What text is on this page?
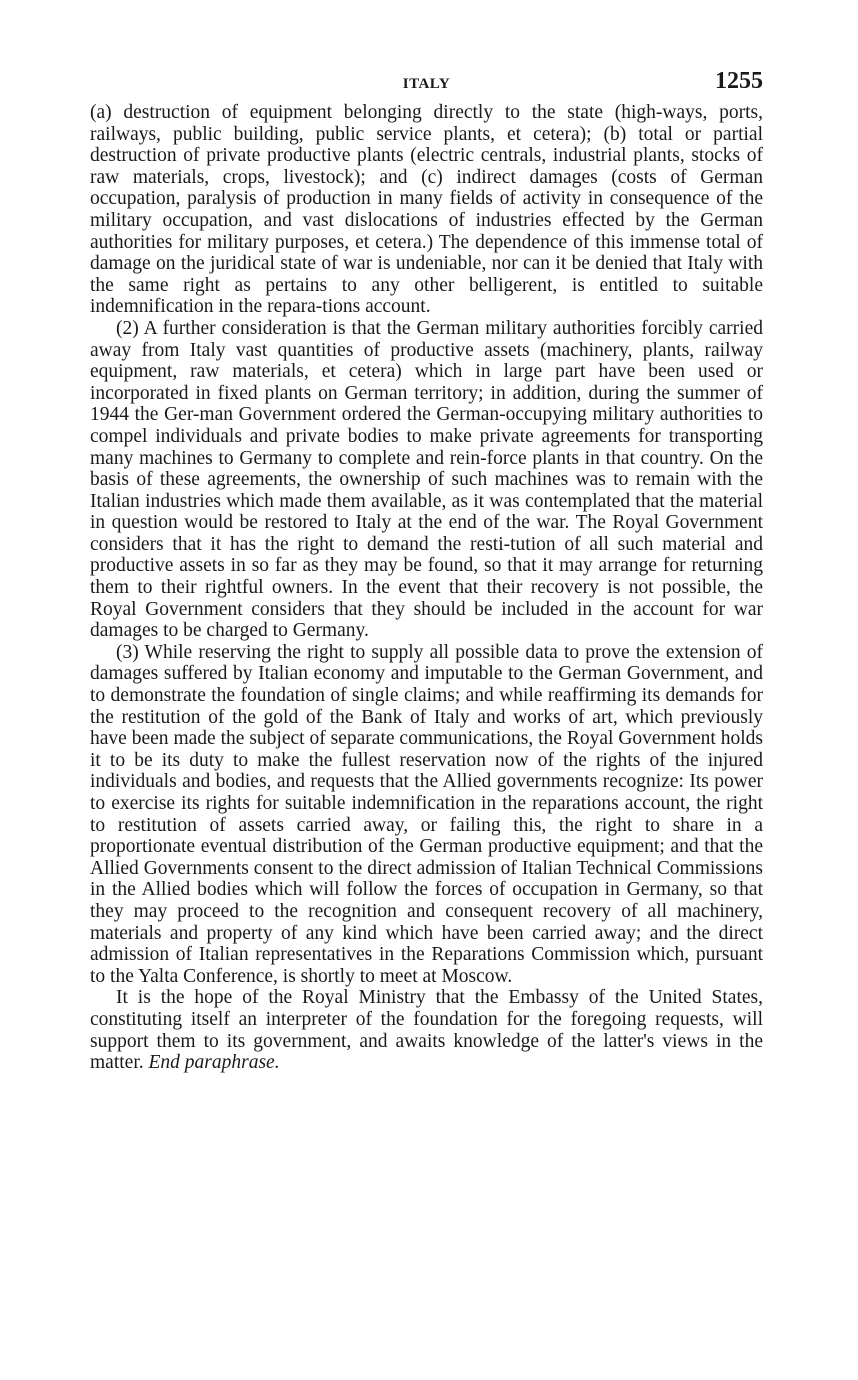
ITALY	1255

(a) destruction of equipment belonging directly to the state (high-ways, ports, railways, public building, public service plants, et cetera); (b) total or partial destruction of private productive plants (electric centrals, industrial plants, stocks of raw materials, crops, livestock); and (c) indirect damages (costs of German occupation, paralysis of production in many fields of activity in consequence of the military occupation, and vast dislocations of industries effected by the German authorities for military purposes, et cetera.) The dependence of this immense total of damage on the juridical state of war is undeniable, nor can it be denied that Italy with the same right as pertains to any other belligerent, is entitled to suitable indemnification in the repara-tions account.

(2) A further consideration is that the German military authorities forcibly carried away from Italy vast quantities of productive assets (machinery, plants, railway equipment, raw materials, et cetera) which in large part have been used or incorporated in fixed plants on German territory; in addition, during the summer of 1944 the Ger-man Government ordered the German-occupying military authorities to compel individuals and private bodies to make private agreements for transporting many machines to Germany to complete and rein-force plants in that country. On the basis of these agreements, the ownership of such machines was to remain with the Italian industries which made them available, as it was contemplated that the material in question would be restored to Italy at the end of the war. The Royal Government considers that it has the right to demand the resti-tution of all such material and productive assets in so far as they may be found, so that it may arrange for returning them to their rightful owners. In the event that their recovery is not possible, the Royal Government considers that they should be included in the account for war damages to be charged to Germany.

(3) While reserving the right to supply all possible data to prove the extension of damages suffered by Italian economy and imputable to the German Government, and to demonstrate the foundation of single claims; and while reaffirming its demands for the restitution of the gold of the Bank of Italy and works of art, which previously have been made the subject of separate communications, the Royal Government holds it to be its duty to make the fullest reservation now of the rights of the injured individuals and bodies, and requests that the Allied governments recognize: Its power to exercise its rights for suitable indemnification in the reparations account, the right to restitution of assets carried away, or failing this, the right to share in a proportionate eventual distribution of the German productive equipment; and that the Allied Governments consent to the direct admission of Italian Technical Commissions in the Allied bodies which will follow the forces of occupation in Germany, so that they may proceed to the recognition and consequent recovery of all machinery, materials and property of any kind which have been carried away; and the direct admission of Italian representatives in the Reparations Commission which, pursuant to the Yalta Conference, is shortly to meet at Moscow.

It is the hope of the Royal Ministry that the Embassy of the United States, constituting itself an interpreter of the foundation for the foregoing requests, will support them to its government, and awaits knowledge of the latter's views in the matter. End paraphrase.
